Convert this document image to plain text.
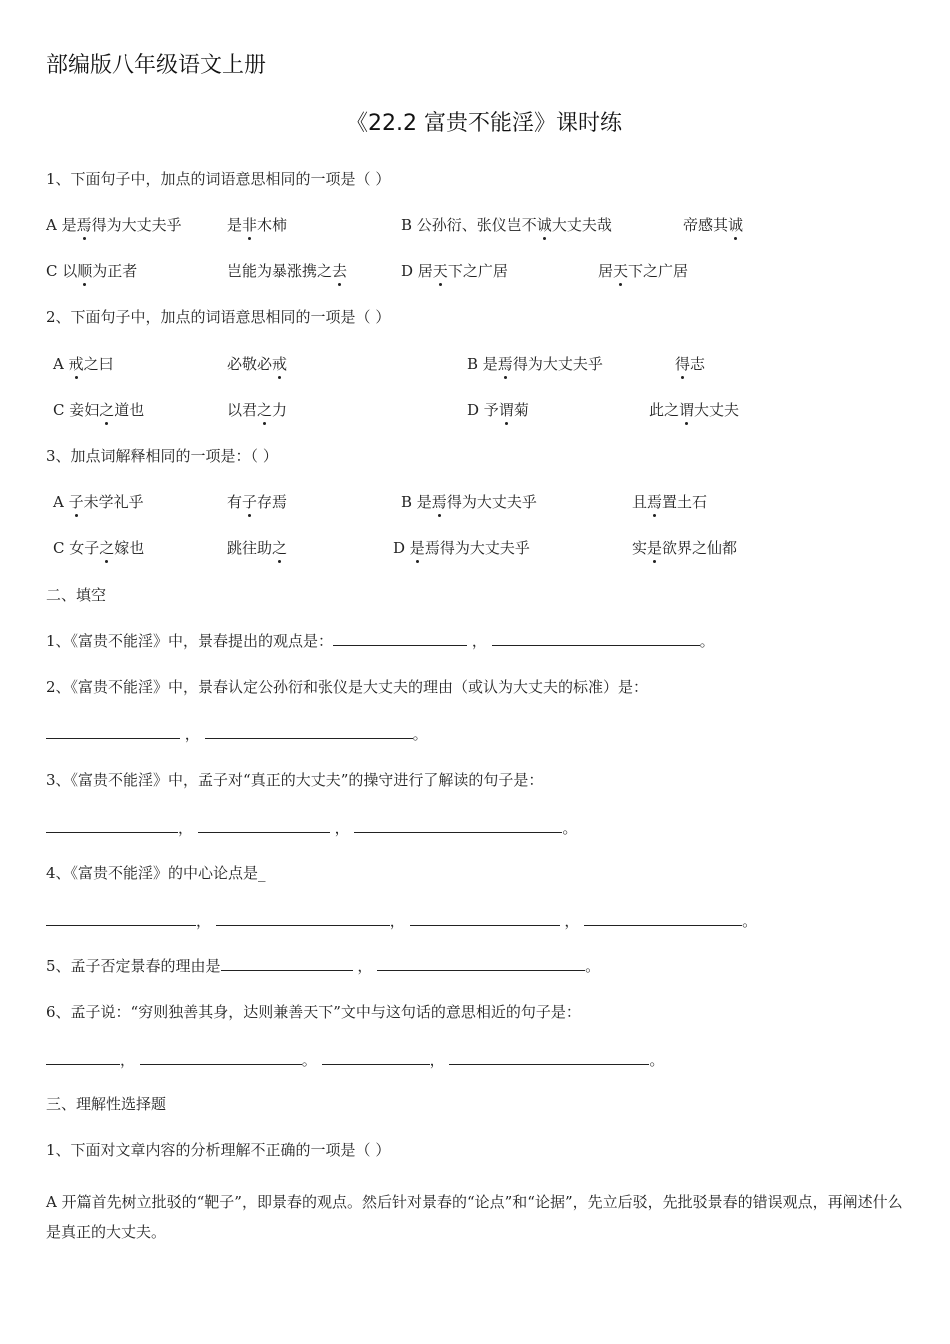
部编版八年级语文上册
《22.2 富贵不能淫》课时练
1、下面句子中，加点的词语意思相同的一项是（ ）
A 是焉得为大丈夫乎	是非木柿	B 公孙衍、张仪岂不诚大丈夫哉	帝感其诚
C 以顺为正者	岂能为暴涨携之去	D 居天下之广居	居天下之广居
2、下面句子中，加点的词语意思相同的一项是（ ）
A 戒之曰	必敬必戒	B 是焉得为大丈夫乎	得志
C 妾妇之道也	以君之力	D 予谓菊	此之谓大丈夫
3、加点词解释相同的一项是：（ ）
A 子未学礼乎	有子存焉	B 是焉得为大丈夫乎	且焉置土石
C 女子之嫁也	跳往助之	D 是焉得为大丈夫乎	实是欲界之仙都
二、填空
1、《富贵不能淫》中，景春提出的观点是：	，	。
2、《富贵不能淫》中，景春认定公孙衍和张仪是大丈夫的理由（或认为大丈夫的标准）是：
，	。
3、《富贵不能淫》中，孟子对“真正的大丈夫”的操守进行了解读的句子是：
，	，	。
4、《富贵不能淫》的中心论点是_
，	，	，	。
5、孟子否定景春的理由是	，	。
6、孟子说：“穷则独善其身，达则兼善天下”文中与这句话的意思相近的句子是：
，	。	，	。
三、理解性选择题
1、下面对文章内容的分析理解不正确的一项是（ ）
A 开篇首先树立批驳的“靶子”，即景春的观点。然后针对景春的“论点”和“论据”，先立后驳，先批驳景春的错误观点，再阐述什么是真正的大丈夫。
